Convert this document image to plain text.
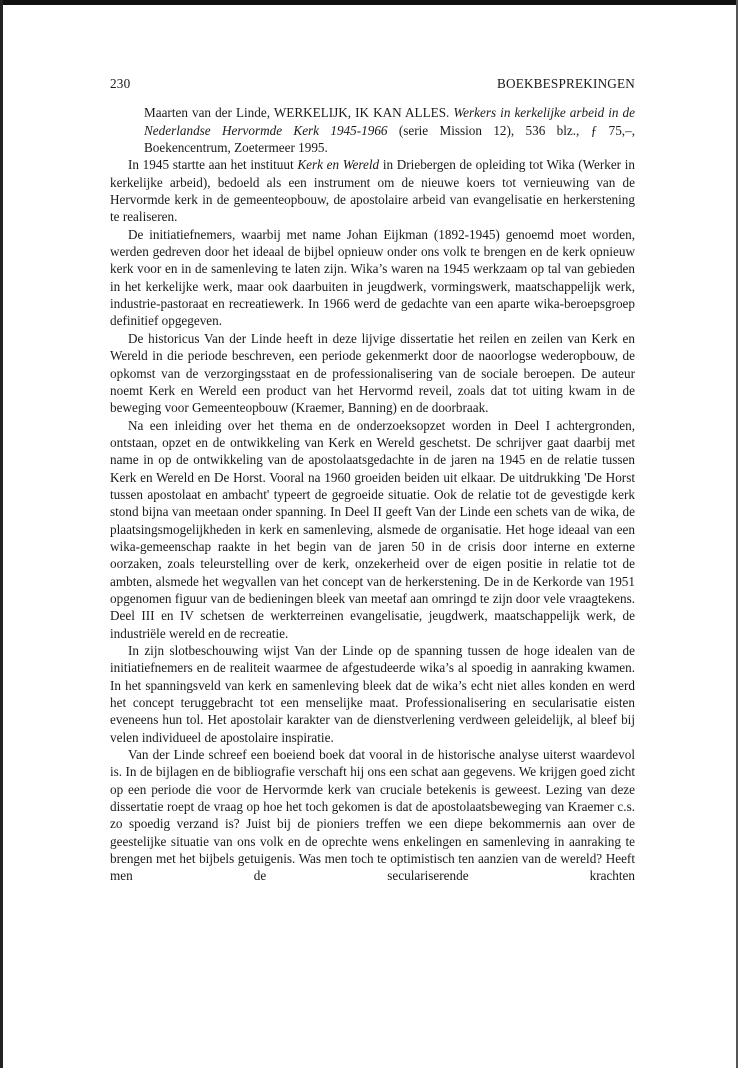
230	BOEKBESPREKINGEN

Maarten van der Linde, WERKELIJK, IK KAN ALLES. Werkers in kerkelijke arbeid in de Nederlandse Hervormde Kerk 1945-1966 (serie Mission 12), 536 blz., ƒ 75,–, Boekencentrum, Zoetermeer 1995.

In 1945 startte aan het instituut Kerk en Wereld in Driebergen de opleiding tot Wika (Werker in kerkelijke arbeid), bedoeld als een instrument om de nieuwe koers tot vernieuwing van de Hervormde kerk in de gemeenteopbouw, de apostolaire arbeid van evangelisatie en herkerstening te realiseren.

De initiatiefnemers, waarbij met name Johan Eijkman (1892-1945) genoemd moet worden, werden gedreven door het ideaal de bijbel opnieuw onder ons volk te brengen en de kerk opnieuw kerk voor en in de samenleving te laten zijn. Wika’s waren na 1945 werkzaam op tal van gebieden in het kerkelijke werk, maar ook daarbuiten in jeugdwerk, vormingswerk, maatschappelijk werk, industrie-pastoraat en recreatiewerk. In 1966 werd de gedachte van een aparte wika-beroepsgroep definitief opgegeven.

De historicus Van der Linde heeft in deze lijvige dissertatie het reilen en zeilen van Kerk en Wereld in die periode beschreven, een periode gekenmerkt door de naoorlogse wederopbouw, de opkomst van de verzorgingsstaat en de professionalisering van de sociale beroepen. De auteur noemt Kerk en Wereld een product van het Hervormd reveil, zoals dat tot uiting kwam in de beweging voor Gemeenteopbouw (Kraemer, Banning) en de doorbraak.

Na een inleiding over het thema en de onderzoeksopzet worden in Deel I achtergronden, ontstaan, opzet en de ontwikkeling van Kerk en Wereld geschetst. De schrijver gaat daarbij met name in op de ontwikkeling van de apostolaatsgedachte in de jaren na 1945 en de relatie tussen Kerk en Wereld en De Horst. Vooral na 1960 groeiden beiden uit elkaar. De uitdrukking 'De Horst tussen apostolaat en ambacht' typeert de gegroeide situatie. Ook de relatie tot de gevestigde kerk stond bijna van meetaan onder spanning. In Deel II geeft Van der Linde een schets van de wika, de plaatsingsmogelijkheden in kerk en samenleving, alsmede de organisatie. Het hoge ideaal van een wika-gemeenschap raakte in het begin van de jaren 50 in de crisis door interne en externe oorzaken, zoals teleurstelling over de kerk, onzekerheid over de eigen positie in relatie tot de ambten, alsmede het wegvallen van het concept van de herkerstening. De in de Kerkorde van 1951 opgenomen figuur van de bedieningen bleek van meetaf aan omringd te zijn door vele vraagtekens. Deel III en IV schetsen de werkterreinen evangelisatie, jeugdwerk, maatschappelijk werk, de industriële wereld en de recreatie.

In zijn slotbeschouwing wijst Van der Linde op de spanning tussen de hoge idealen van de initiatiefnemers en de realiteit waarmee de afgestudeerde wika’s al spoedig in aanraking kwamen. In het spanningsveld van kerk en samenleving bleek dat de wika’s echt niet alles konden en werd het concept teruggebracht tot een menselijke maat. Professionalisering en secularisatie eisten eveneens hun tol. Het apostolair karakter van de dienstverlening verdween geleidelijk, al bleef bij velen individueel de apostolaire inspiratie.

Van der Linde schreef een boeiend boek dat vooral in de historische analyse uiterst waardevol is. In de bijlagen en de bibliografie verschaft hij ons een schat aan gegevens. We krijgen goed zicht op een periode die voor de Hervormde kerk van cruciale betekenis is geweest. Lezing van deze dissertatie roept de vraag op hoe het toch gekomen is dat de apostolaatsbeweging van Kraemer c.s. zo spoedig verzand is? Juist bij de pioniers treffen we een diepe bekommernis aan over de geestelijke situatie van ons volk en de oprechte wens enkelingen en samenleving in aanraking te brengen met het bijbels getuigenis. Was men toch te optimistisch ten aanzien van de wereld? Heeft men de seculariserende krachten
